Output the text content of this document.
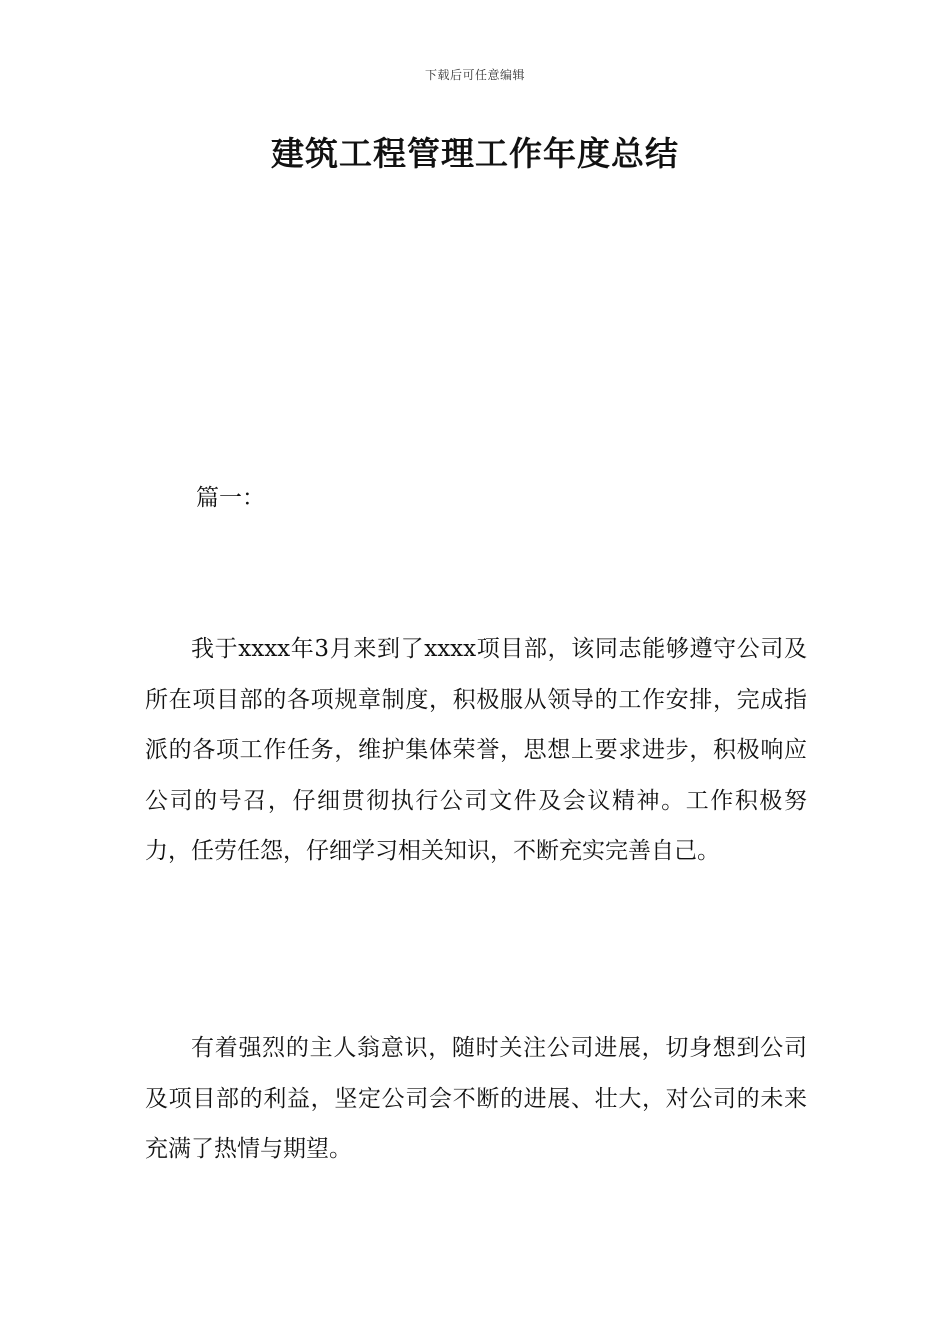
下载后可任意编辑
建筑工程管理工作年度总结
篇一：

我于xxxx年3月来到了xxxx项目部，该同志能够遵守公司及所在项目部的各项规章制度，积极服从领导的工作安排，完成指派的各项工作任务，维护集体荣誉，思想上要求进步，积极响应公司的号召，仔细贯彻执行公司文件及会议精神。工作积极努力，任劳任怨，仔细学习相关知识，不断充实完善自己。

有着强烈的主人翁意识，随时关注公司进展，切身想到公司及项目部的利益，坚定公司会不断的进展、壮大，对公司的未来充满了热情与期望。
